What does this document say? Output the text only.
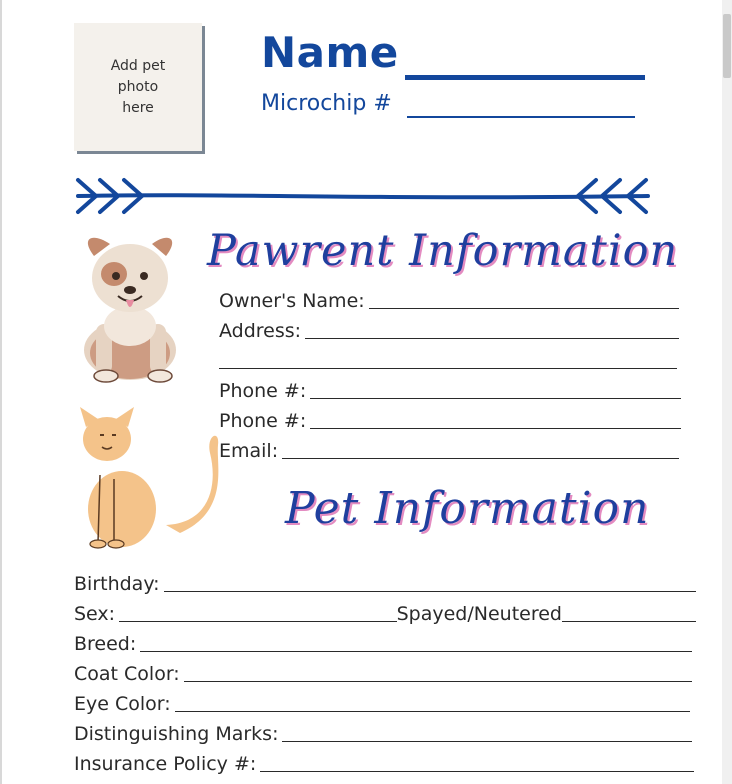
Add pet photo here
Name
Microchip #
Pawrent Information
Owner's Name:
Address:
Phone #:
Phone #:
Email:
Pet Information
Birthday:
Sex:	Spayed/Neutered
Breed:
Coat Color:
Eye Color:
Distinguishing Marks:
Insurance Policy #:
